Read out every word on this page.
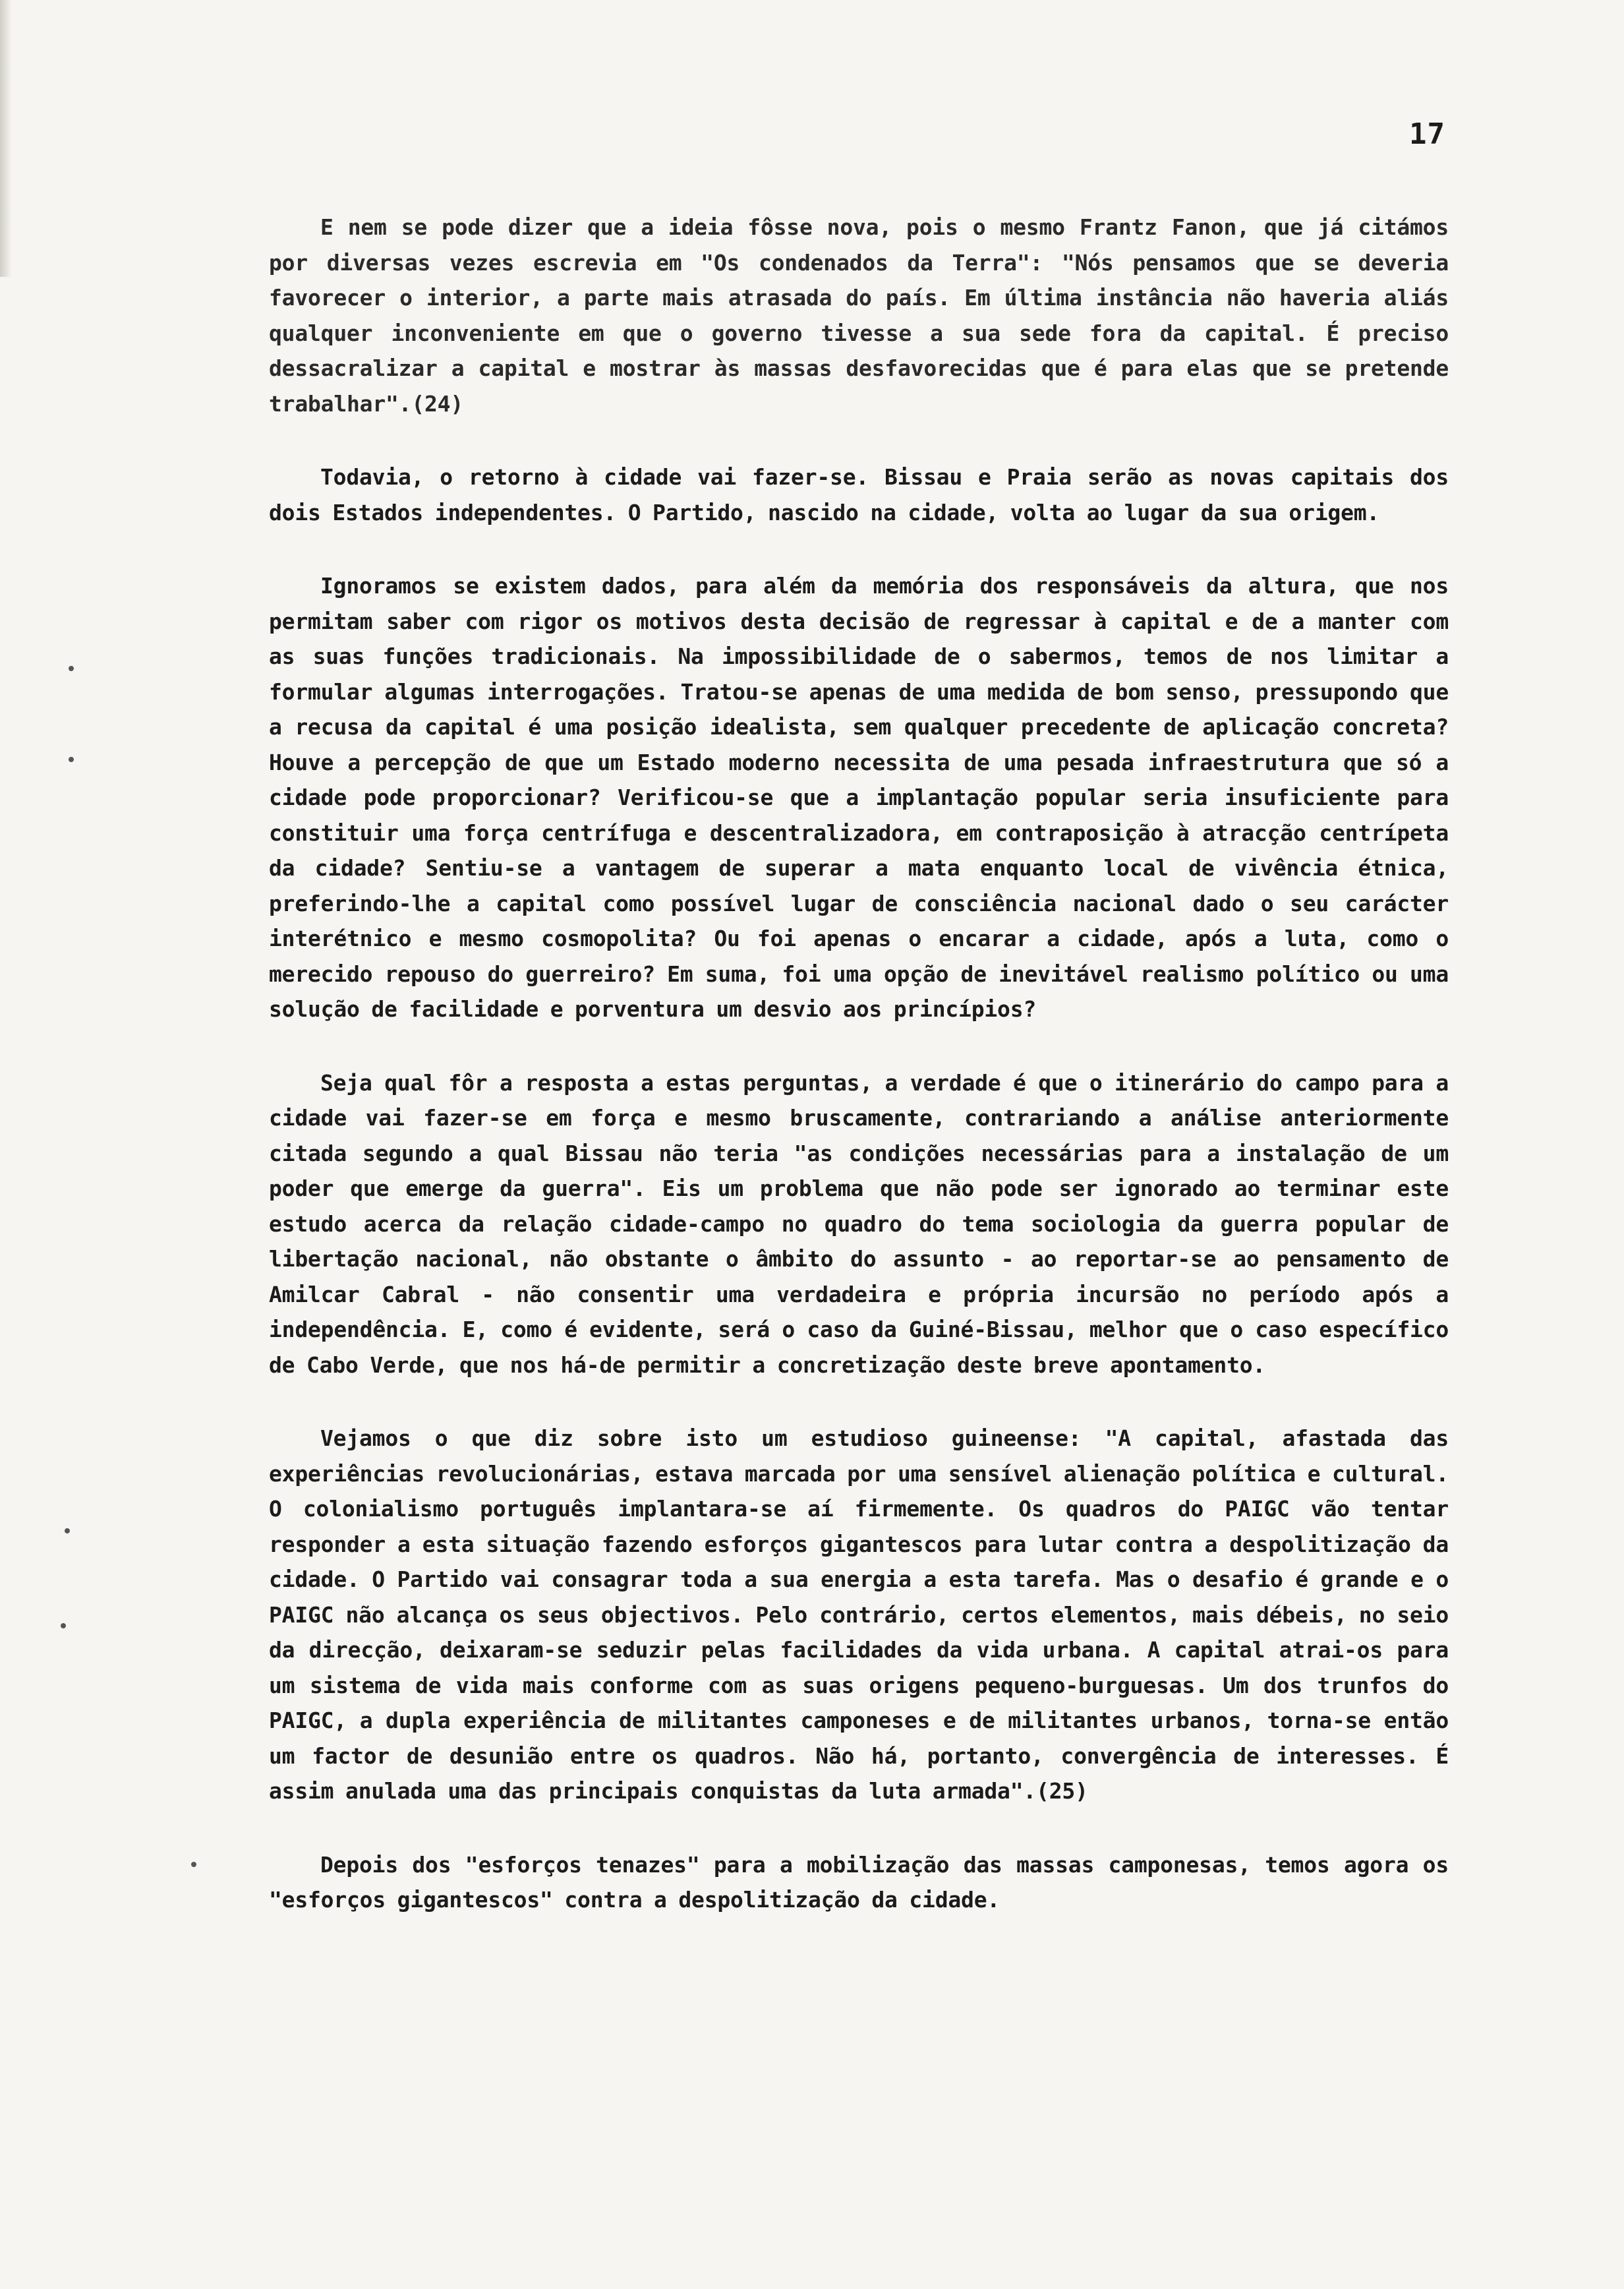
17

E nem se pode dizer que a ideia fôsse nova, pois o mesmo Frantz Fanon, que já citámos por diversas vezes escrevia em "Os condenados da Terra": "Nós pensamos que se deveria favorecer o interior, a parte mais atrasada do país. Em última instância não haveria aliás qualquer inconveniente em que o governo tivesse a sua sede fora da capital. É preciso dessacralizar a capital e mostrar às massas desfavorecidas que é para elas que se pretende trabalhar".(24)

Todavia, o retorno à cidade vai fazer-se. Bissau e Praia serão as novas capitais dos dois Estados independentes. O Partido, nascido na cidade, volta ao lugar da sua origem.

Ignoramos se existem dados, para além da memória dos responsáveis da altura, que nos permitam saber com rigor os motivos desta decisão de regressar à capital e de a manter com as suas funções tradicionais. Na impossibilidade de o sabermos, temos de nos limitar a formular algumas interrogações. Tratou-se apenas de uma medida de bom senso, pressupondo que a recusa da capital é uma posição idealista, sem qualquer precedente de aplicação concreta? Houve a percepção de que um Estado moderno necessita de uma pesada infraestrutura que só a cidade pode proporcionar? Verificou-se que a implantação popular seria insuficiente para constituir uma força centrífuga e descentralizadora, em contraposição à atracção centrípeta da cidade? Sentiu-se a vantagem de superar a mata enquanto local de vivência étnica, preferindo-lhe a capital como possível lugar de consciência nacional dado o seu carácter interétnico e mesmo cosmopolita? Ou foi apenas o encarar a cidade, após a luta, como o merecido repouso do guerreiro? Em suma, foi uma opção de inevitável realismo político ou uma solução de facilidade e porventura um desvio aos princípios?

Seja qual fôr a resposta a estas perguntas, a verdade é que o itinerário do campo para a cidade vai fazer-se em força e mesmo bruscamente, contrariando a análise anteriormente citada segundo a qual Bissau não teria "as condições necessárias para a instalação de um poder que emerge da guerra". Eis um problema que não pode ser ignorado ao terminar este estudo acerca da relação cidade-campo no quadro do tema sociologia da guerra popular de libertação nacional, não obstante o âmbito do assunto - ao reportar-se ao pensamento de Amilcar Cabral - não consentir uma verdadeira e própria incursão no período após a independência. E, como é evidente, será o caso da Guiné-Bissau, melhor que o caso específico de Cabo Verde, que nos há-de permitir a concretização deste breve apontamento.

Vejamos o que diz sobre isto um estudioso guineense: "A capital, afastada das experiências revolucionárias, estava marcada por uma sensível alienação política e cultural. O colonialismo português implantara-se aí firmemente. Os quadros do PAIGC vão tentar responder a esta situação fazendo esforços gigantescos para lutar contra a despolitização da cidade. O Partido vai consagrar toda a sua energia a esta tarefa. Mas o desafio é grande e o PAIGC não alcança os seus objectivos. Pelo contrário, certos elementos, mais débeis, no seio da direcção, deixaram-se seduzir pelas facilidades da vida urbana. A capital atrai-os para um sistema de vida mais conforme com as suas origens pequeno-burguesas. Um dos trunfos do PAIGC, a dupla experiência de militantes camponeses e de militantes urbanos, torna-se então um factor de desunião entre os quadros. Não há, portanto, convergência de interesses. É assim anulada uma das principais conquistas da luta armada".(25)

Depois dos "esforços tenazes" para a mobilização das massas camponesas, temos agora os "esforços gigantescos" contra a despolitização da cidade.
